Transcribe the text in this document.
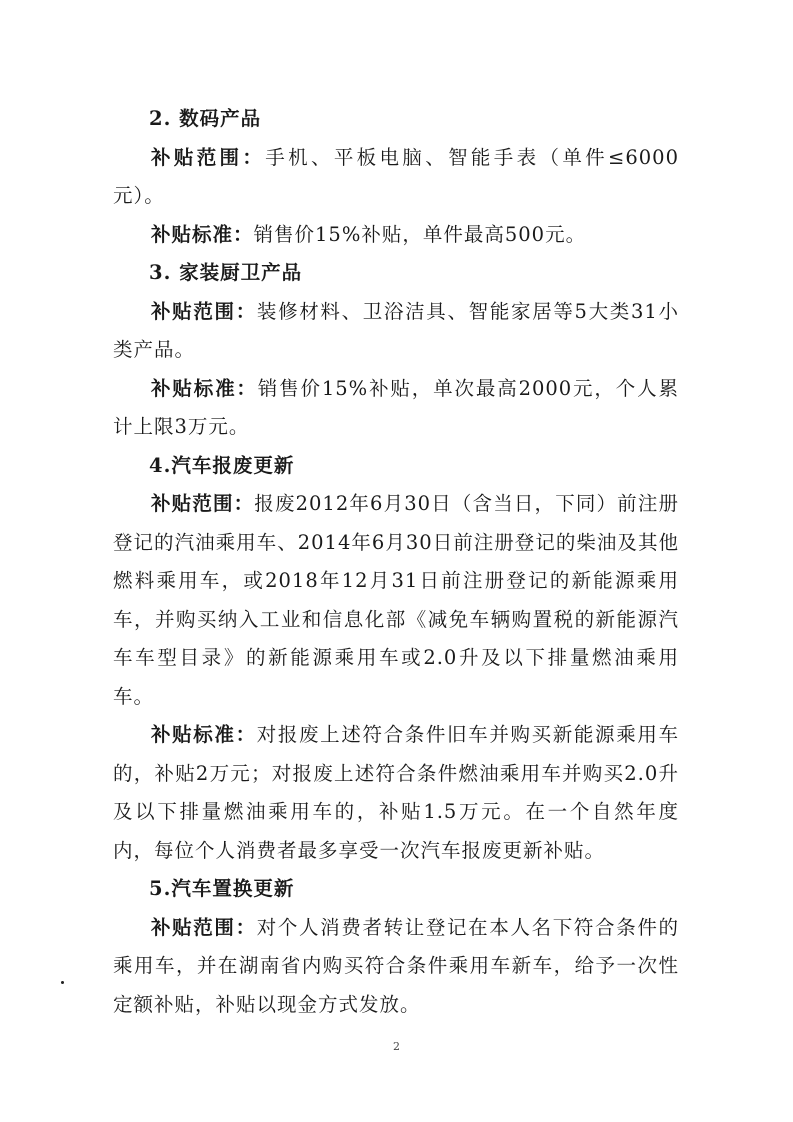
2. 数码产品

补贴范围：手机、平板电脑、智能手表（单件≤6000元）。

补贴标准：销售价15%补贴，单件最高500元。

3. 家装厨卫产品

补贴范围：装修材料、卫浴洁具、智能家居等5大类31小类产品。

补贴标准：销售价15%补贴，单次最高2000元，个人累计上限3万元。

4.汽车报废更新

补贴范围：报废2012年6月30日（含当日，下同）前注册登记的汽油乘用车、2014年6月30日前注册登记的柴油及其他燃料乘用车，或2018年12月31日前注册登记的新能源乘用车，并购买纳入工业和信息化部《减免车辆购置税的新能源汽车车型目录》的新能源乘用车或2.0升及以下排量燃油乘用车。

补贴标准：对报废上述符合条件旧车并购买新能源乘用车的，补贴2万元；对报废上述符合条件燃油乘用车并购买2.0升及以下排量燃油乘用车的，补贴1.5万元。在一个自然年度内，每位个人消费者最多享受一次汽车报废更新补贴。

5.汽车置换更新

补贴范围：对个人消费者转让登记在本人名下符合条件的乘用车，并在湖南省内购买符合条件乘用车新车，给予一次性定额补贴，补贴以现金方式发放。

2
